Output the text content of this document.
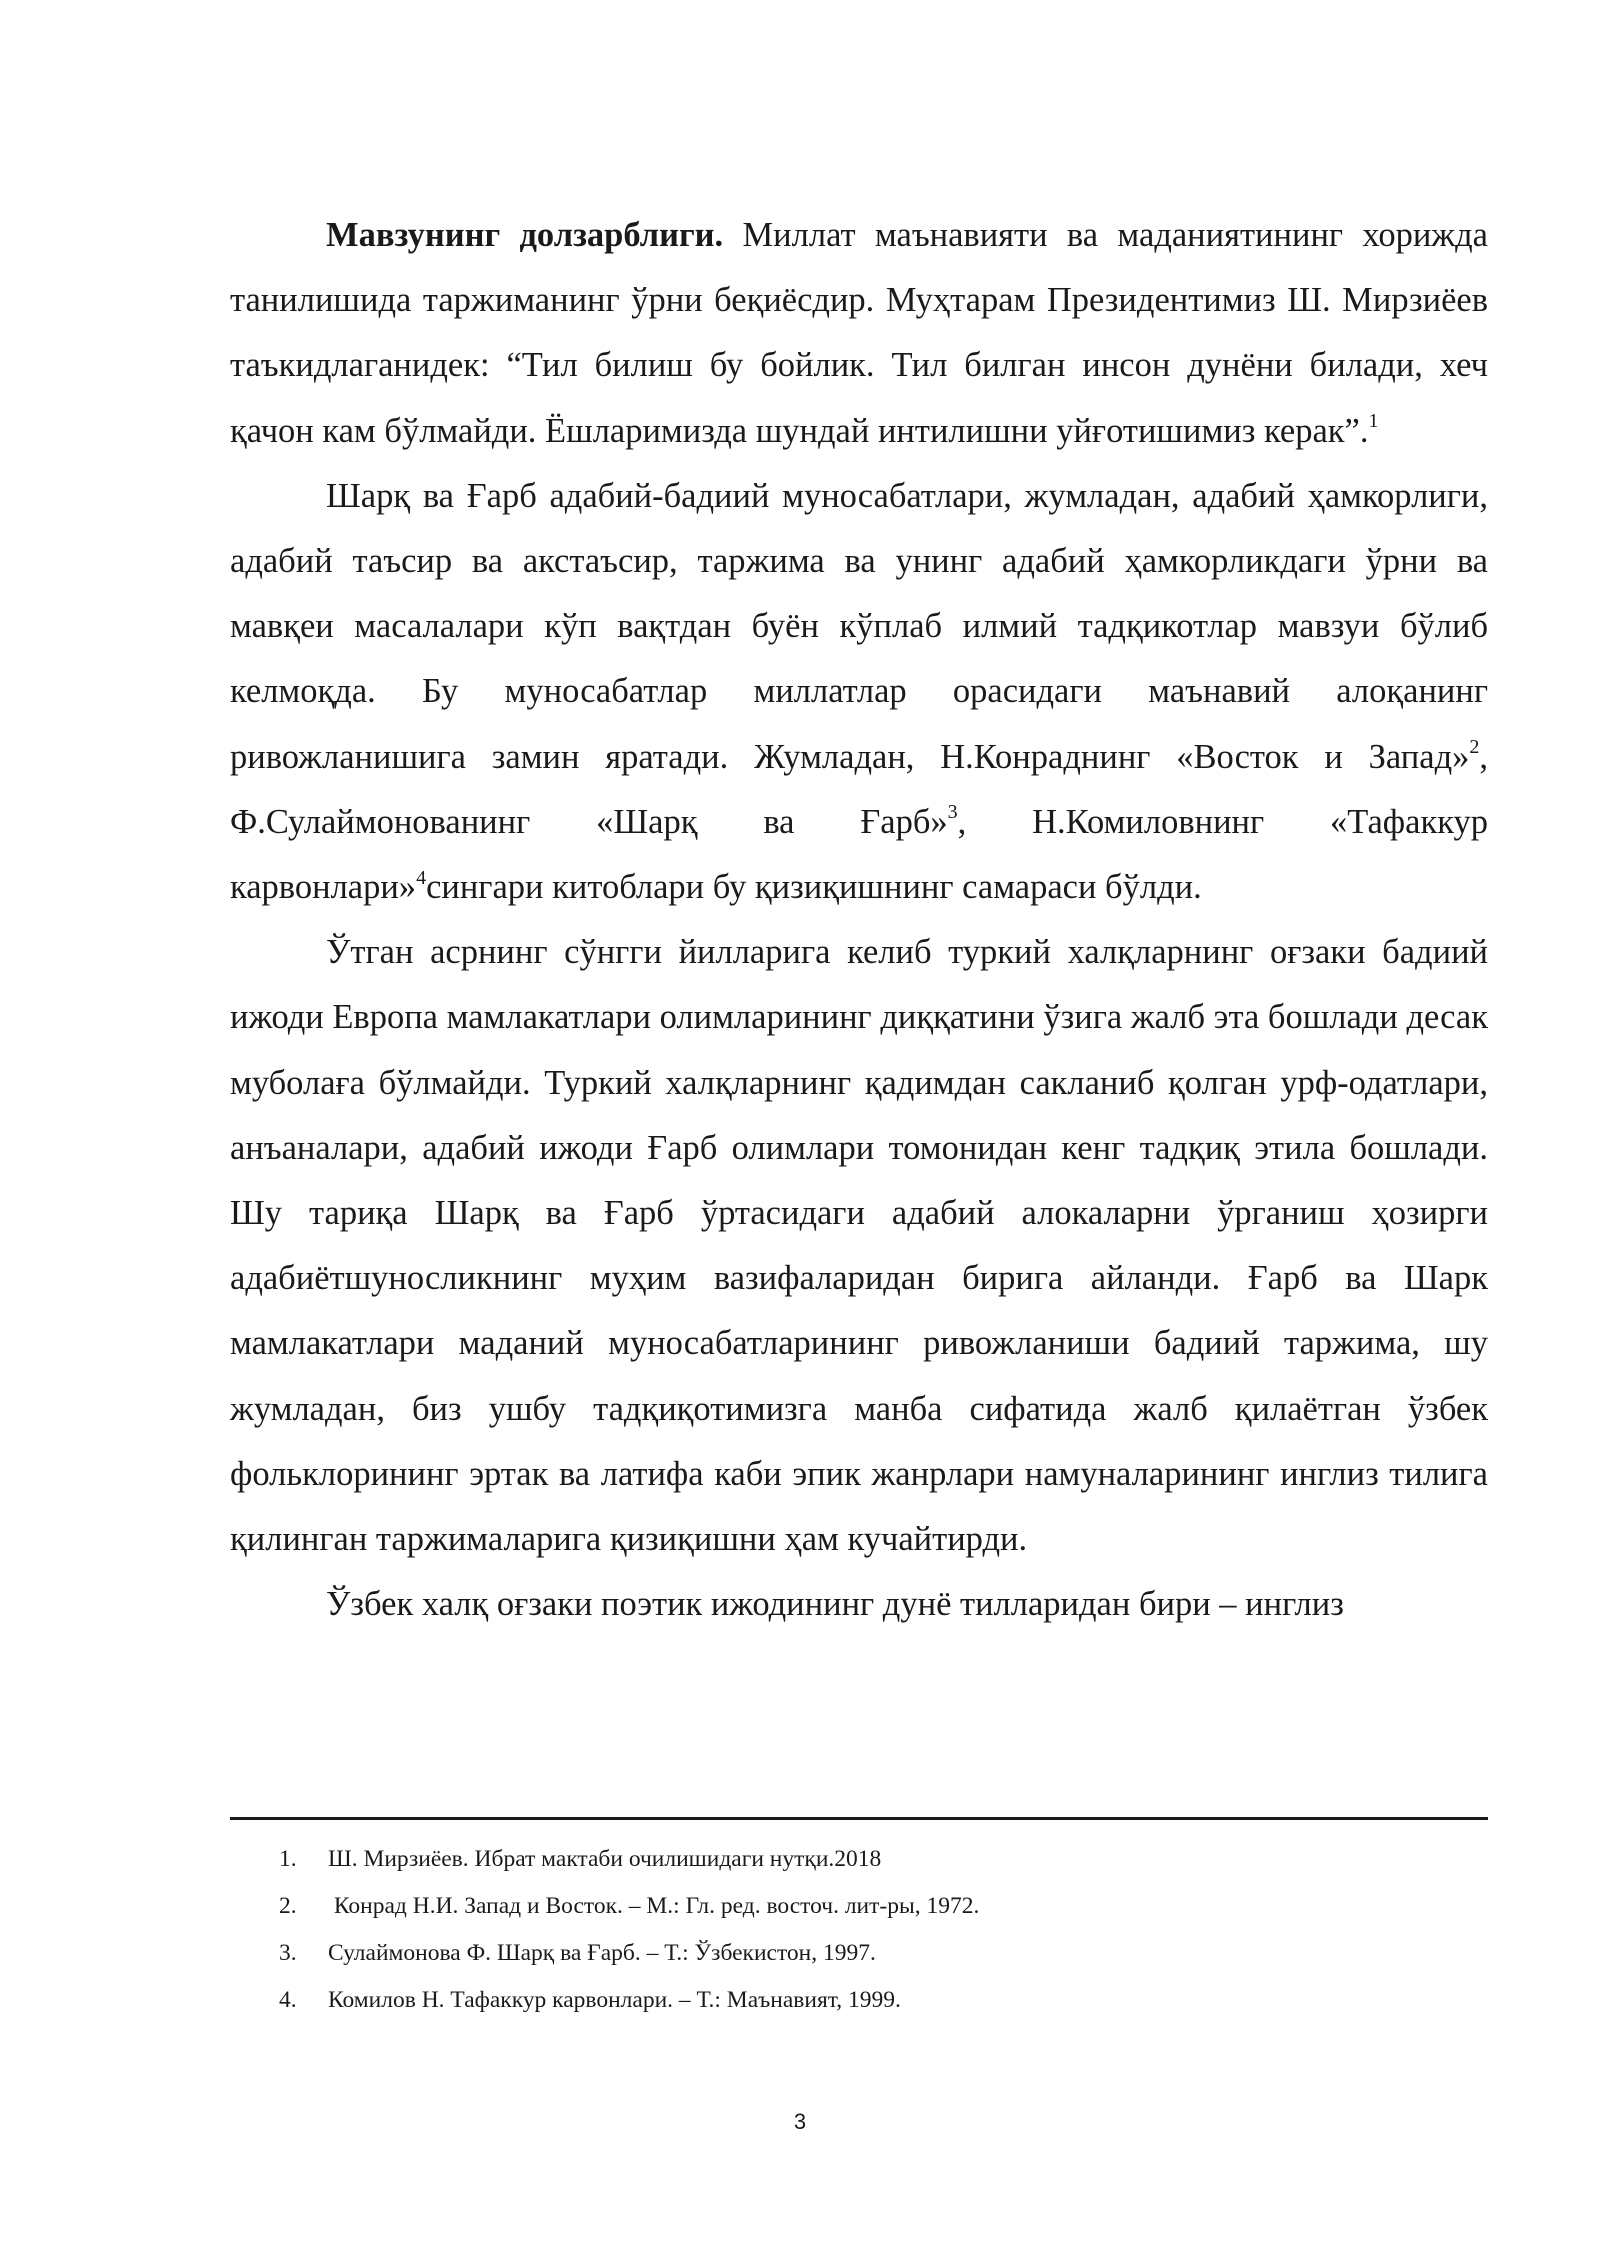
Мавзунинг долзарблиги. Миллат маънавияти ва маданиятининг хорижда танилишида таржиманинг ўрни беқиёсдир. Муҳтарам Президентимиз Ш. Мирзиёев таъкидлаганидек: “Тил билиш бу бойлик. Тил билган инсон дунёни билади, хеч қачон кам бўлмайди. Ёшларимизда шундай интилишни уйғотишимиз керак”.$^1$

Шарқ ва Ғарб адабий-бадиий муносабатлари, жумладан, адабий ҳамкорлиги, адабий таъсир ва акстаъсир, таржима ва унинг адабий ҳамкорликдаги ўрни ва мавқеи масалалари кўп вақтдан буён кўплаб илмий тадқикотлар мавзуи бўлиб келмоқда. Бу муносабатлар миллатлар орасидаги маънавий алоқанинг ривожланишига замин яратади. Жумладан, Н.Конраднинг «Восток и Запад»$^2$, Ф.Сулаймонованинг «Шарқ ва Ғарб»$^3$, Н.Комиловнинг «Тафаккур карвонлари»$^4$сингари китоблари бу қизиқишнинг самараси бўлди.

Ўтган асрнинг сўнгги йилларига келиб туркий халқларнинг оғзаки бадиий ижоди Европа мамлакатлари олимларининг диққатини ўзига жалб эта бошлади десак муболаға бўлмайди. Туркий халқларнинг қадимдан сакланиб қолган урф-одатлари, анъаналари, адабий ижоди Ғарб олимлари томонидан кенг тадқиқ этила бошлади. Шу тариқа Шарқ ва Ғарб ўртасидаги адабий алокаларни ўрганиш ҳозирги адабиётшуносликнинг муҳим вазифаларидан бирига айланди. Ғарб ва Шарк мамлакатлари маданий муносабатларининг ривожланиши бадиий таржима, шу жумладан, биз ушбу тадқиқотимизга манба сифатида жалб қилаётган ўзбек фольклорининг эртак ва латифа каби эпик жанрлари намуналарининг инглиз тилига қилинган таржималарига қизиқишни ҳам кучайтирди.

Ўзбек халқ оғзаки поэтик ижодининг дунё тилларидан бири – инглиз

1.	Ш. Мирзиёев. Ибрат мактаби очилишидаги нутқи.2018
2.	Конрад Н.И. Запад и Восток. – М.: Гл. ред. восточ. лит-ры, 1972.
3.	Сулаймонова Ф. Шарқ ва Ғарб. – Т.: Ўзбекистон, 1997.
4.	Комилов Н. Тафаккур карвонлари. – Т.: Маънавият, 1999.
3
